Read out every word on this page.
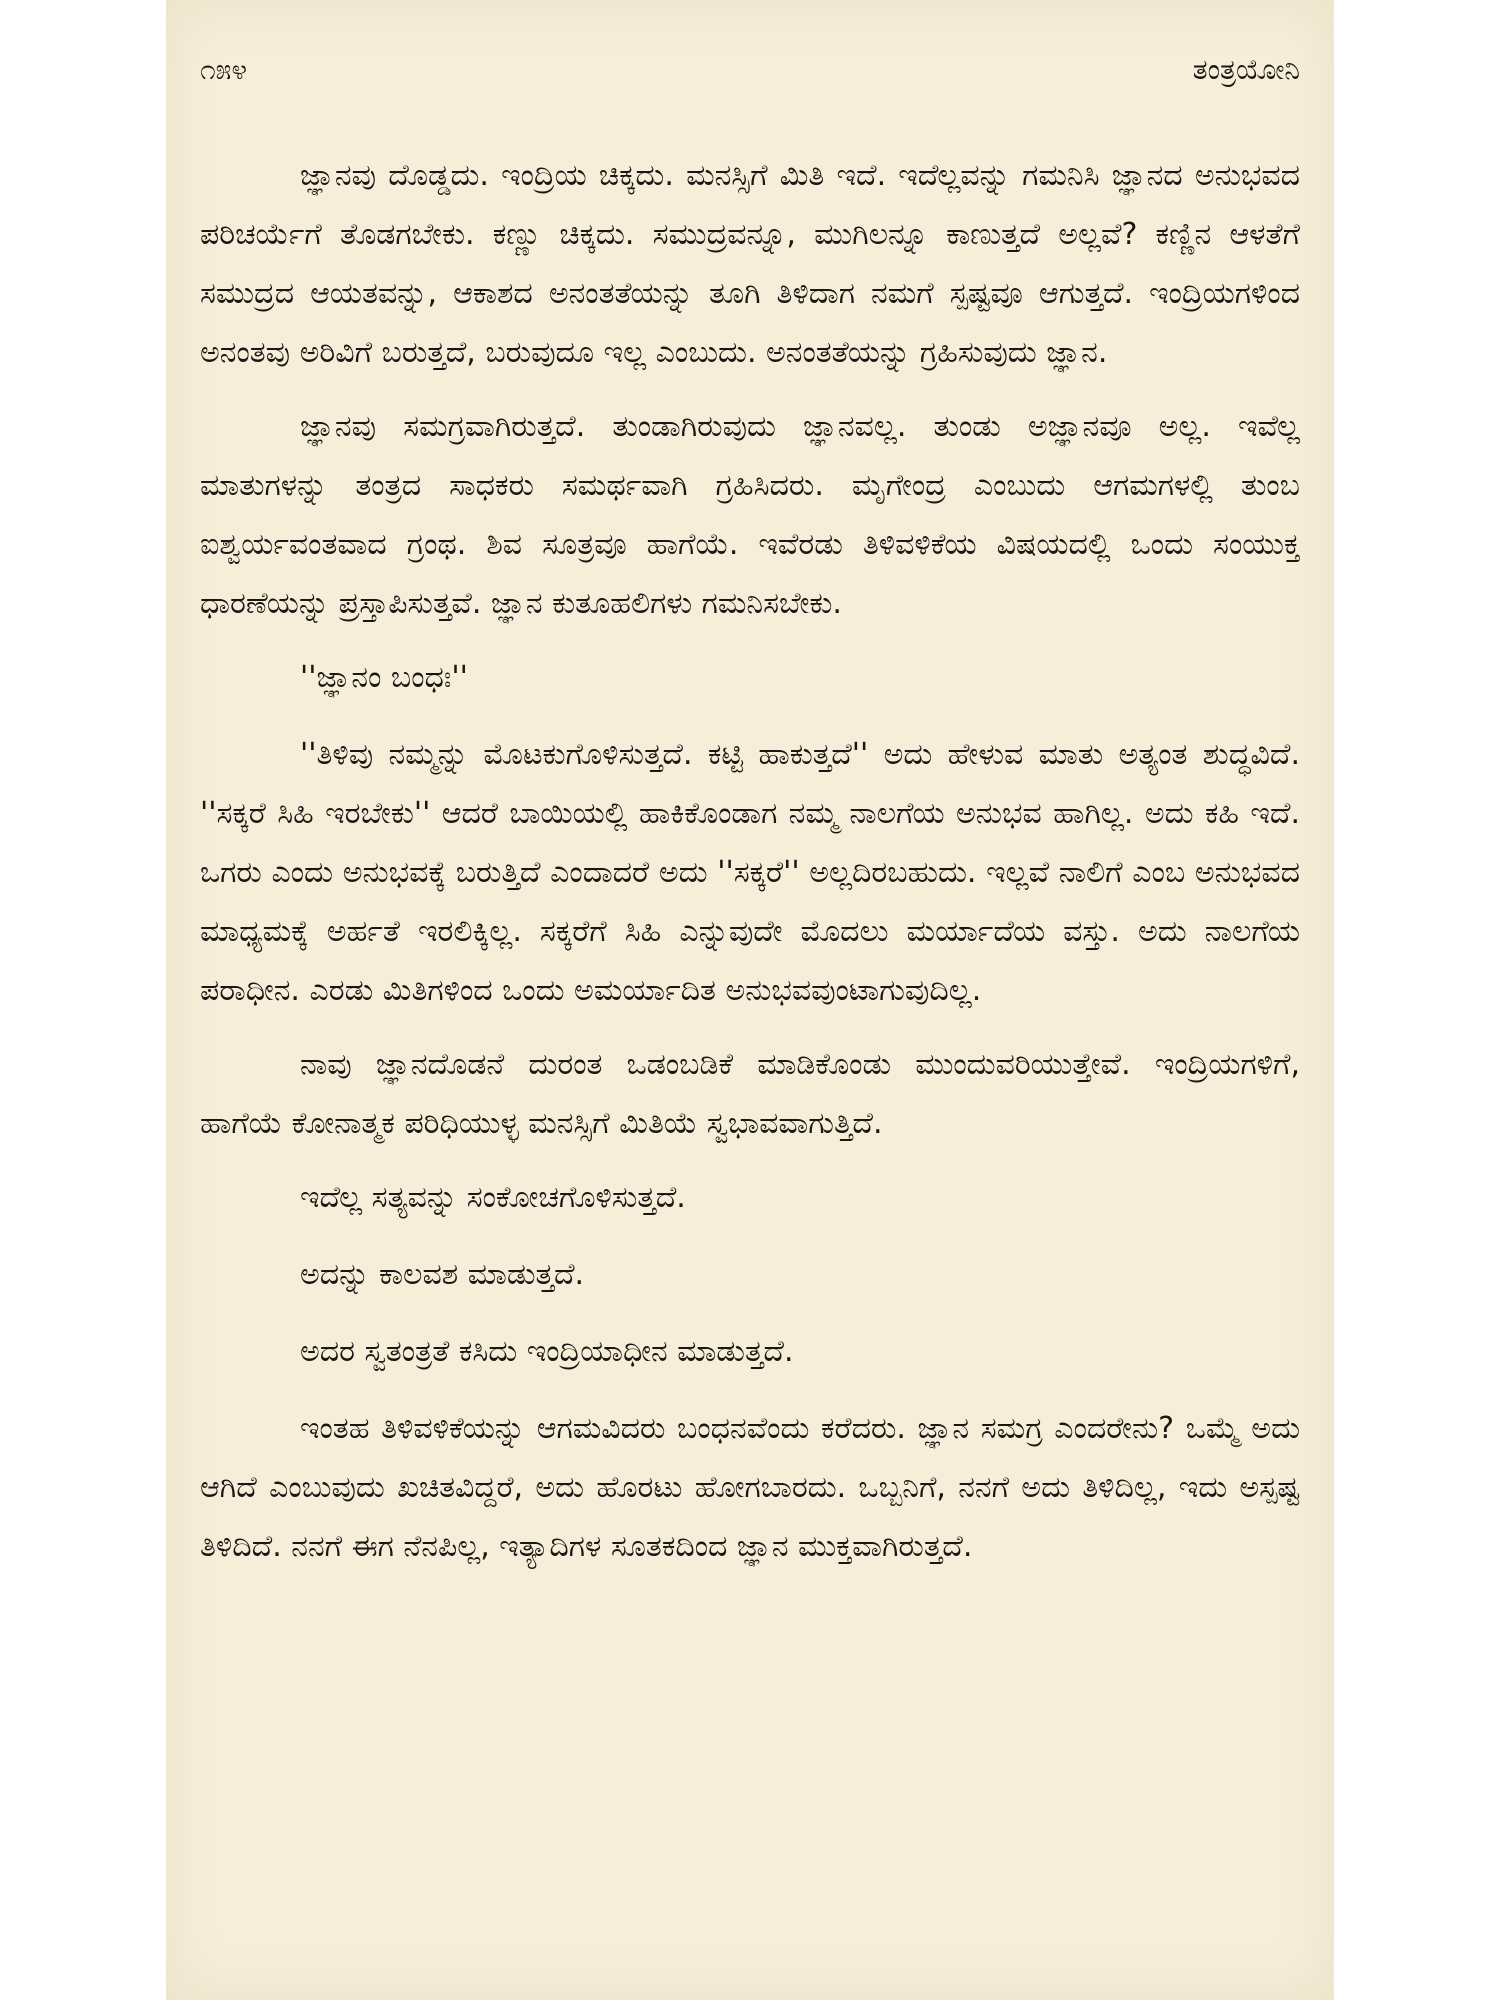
೧೫೪	ತಂತ್ರಯೋನಿ

ಜ್ಞಾನವು ದೊಡ್ಡದು. ಇಂದ್ರಿಯ ಚಿಕ್ಕದು. ಮನಸ್ಸಿಗೆ ಮಿತಿ ಇದೆ. ಇದೆಲ್ಲವನ್ನು ಗಮನಿಸಿ ಜ್ಞಾನದ ಅನುಭವದ ಪರಿಚರ್ಯೆಗೆ ತೊಡಗಬೇಕು. ಕಣ್ಣು ಚಿಕ್ಕದು. ಸಮುದ್ರವನ್ನೂ, ಮುಗಿಲನ್ನೂ ಕಾಣುತ್ತದೆ ಅಲ್ಲವೆ? ಕಣ್ಣಿನ ಆಳತೆಗೆ ಸಮುದ್ರದ ಆಯತವನ್ನು, ಆಕಾಶದ ಅನಂತತೆಯನ್ನು ತೂಗಿ ತಿಳಿದಾಗ ನಮಗೆ ಸ್ಪಷ್ಟವೂ ಆಗುತ್ತದೆ. ಇಂದ್ರಿಯಗಳಿಂದ ಅನಂತವು ಅರಿವಿಗೆ ಬರುತ್ತದೆ, ಬರುವುದೂ ಇಲ್ಲ ಎಂಬುದು. ಅನಂತತೆಯನ್ನು ಗ್ರಹಿಸುವುದು ಜ್ಞಾನ.

ಜ್ಞಾನವು ಸಮಗ್ರವಾಗಿರುತ್ತದೆ. ತುಂಡಾಗಿರುವುದು ಜ್ಞಾನವಲ್ಲ. ತುಂಡು ಅಜ್ಞಾನವೂ ಅಲ್ಲ. ಇವೆಲ್ಲ ಮಾತುಗಳನ್ನು ತಂತ್ರದ ಸಾಧಕರು ಸಮರ್ಥವಾಗಿ ಗ್ರಹಿಸಿದರು. ಮೃಗೇಂದ್ರ ಎಂಬುದು ಆಗಮಗಳಲ್ಲಿ ತುಂಬ ಐಶ್ವರ್ಯವಂತವಾದ ಗ್ರಂಥ. ಶಿವ ಸೂತ್ರವೂ ಹಾಗೆಯೆ. ಇವೆರಡು ತಿಳಿವಳಿಕೆಯ ವಿಷಯದಲ್ಲಿ ಒಂದು ಸಂಯುಕ್ತ ಧಾರಣೆಯನ್ನು ಪ್ರಸ್ತಾಪಿಸುತ್ತವೆ. ಜ್ಞಾನ ಕುತೂಹಲಿಗಳು ಗಮನಿಸಬೇಕು.

''ಜ್ಞಾನಂ ಬಂಧಃ''

''ತಿಳಿವು ನಮ್ಮನ್ನು ಮೊಟಕುಗೊಳಿಸುತ್ತದೆ. ಕಟ್ಟಿ ಹಾಕುತ್ತದೆ'' ಅದು ಹೇಳುವ ಮಾತು ಅತ್ಯಂತ ಶುದ್ಧವಿದೆ. ''ಸಕ್ಕರೆ ಸಿಹಿ ಇರಬೇಕು'' ಆದರೆ ಬಾಯಿಯಲ್ಲಿ ಹಾಕಿಕೊಂಡಾಗ ನಮ್ಮ ನಾಲಗೆಯ ಅನುಭವ ಹಾಗಿಲ್ಲ. ಅದು ಕಹಿ ಇದೆ. ಒಗರು ಎಂದು ಅನುಭವಕ್ಕೆ ಬರುತ್ತಿದೆ ಎಂದಾದರೆ ಅದು ''ಸಕ್ಕರೆ'' ಅಲ್ಲದಿರಬಹುದು. ಇಲ್ಲವೆ ನಾಲಿಗೆ ಎಂಬ ಅನುಭವದ ಮಾಧ್ಯಮಕ್ಕೆ ಅರ್ಹತೆ ಇರಲಿಕ್ಕಿಲ್ಲ. ಸಕ್ಕರೆಗೆ ಸಿಹಿ ಎನ್ನುವುದೇ ಮೊದಲು ಮರ್ಯಾದೆಯ ವಸ್ತು. ಅದು ನಾಲಗೆಯ ಪರಾಧೀನ. ಎರಡು ಮಿತಿಗಳಿಂದ ಒಂದು ಅಮರ್ಯಾದಿತ ಅನುಭವವುಂಟಾಗುವುದಿಲ್ಲ.

ನಾವು ಜ್ಞಾನದೊಡನೆ ದುರಂತ ಒಡಂಬಡಿಕೆ ಮಾಡಿಕೊಂಡು ಮುಂದುವರಿಯುತ್ತೇವೆ. ಇಂದ್ರಿಯಗಳಿಗೆ, ಹಾಗೆಯೆ ಕೋನಾತ್ಮಕ ಪರಿಧಿಯುಳ್ಳ ಮನಸ್ಸಿಗೆ ಮಿತಿಯೆ ಸ್ವಭಾವವಾಗುತ್ತಿದೆ.

ಇದೆಲ್ಲ ಸತ್ಯವನ್ನು ಸಂಕೋಚಗೊಳಿಸುತ್ತದೆ.

ಅದನ್ನು ಕಾಲವಶ ಮಾಡುತ್ತದೆ.

ಅದರ ಸ್ವತಂತ್ರತೆ ಕಸಿದು ಇಂದ್ರಿಯಾಧೀನ ಮಾಡುತ್ತದೆ.

ಇಂತಹ ತಿಳಿವಳಿಕೆಯನ್ನು ಆಗಮವಿದರು ಬಂಧನವೆಂದು ಕರೆದರು. ಜ್ಞಾನ ಸಮಗ್ರ ಎಂದರೇನು? ಒಮ್ಮೆ ಅದು ಆಗಿದೆ ಎಂಬುವುದು ಖಚಿತವಿದ್ದರೆ, ಅದು ಹೊರಟು ಹೋಗಬಾರದು. ಒಬ್ಬನಿಗೆ, ನನಗೆ ಅದು ತಿಳಿದಿಲ್ಲ, ಇದು ಅಸ್ಪಷ್ಟ ತಿಳಿದಿದೆ. ನನಗೆ ಈಗ ನೆನಪಿಲ್ಲ, ಇತ್ಯಾದಿಗಳ ಸೂತಕದಿಂದ ಜ್ಞಾನ ಮುಕ್ತವಾಗಿರುತ್ತದೆ.
